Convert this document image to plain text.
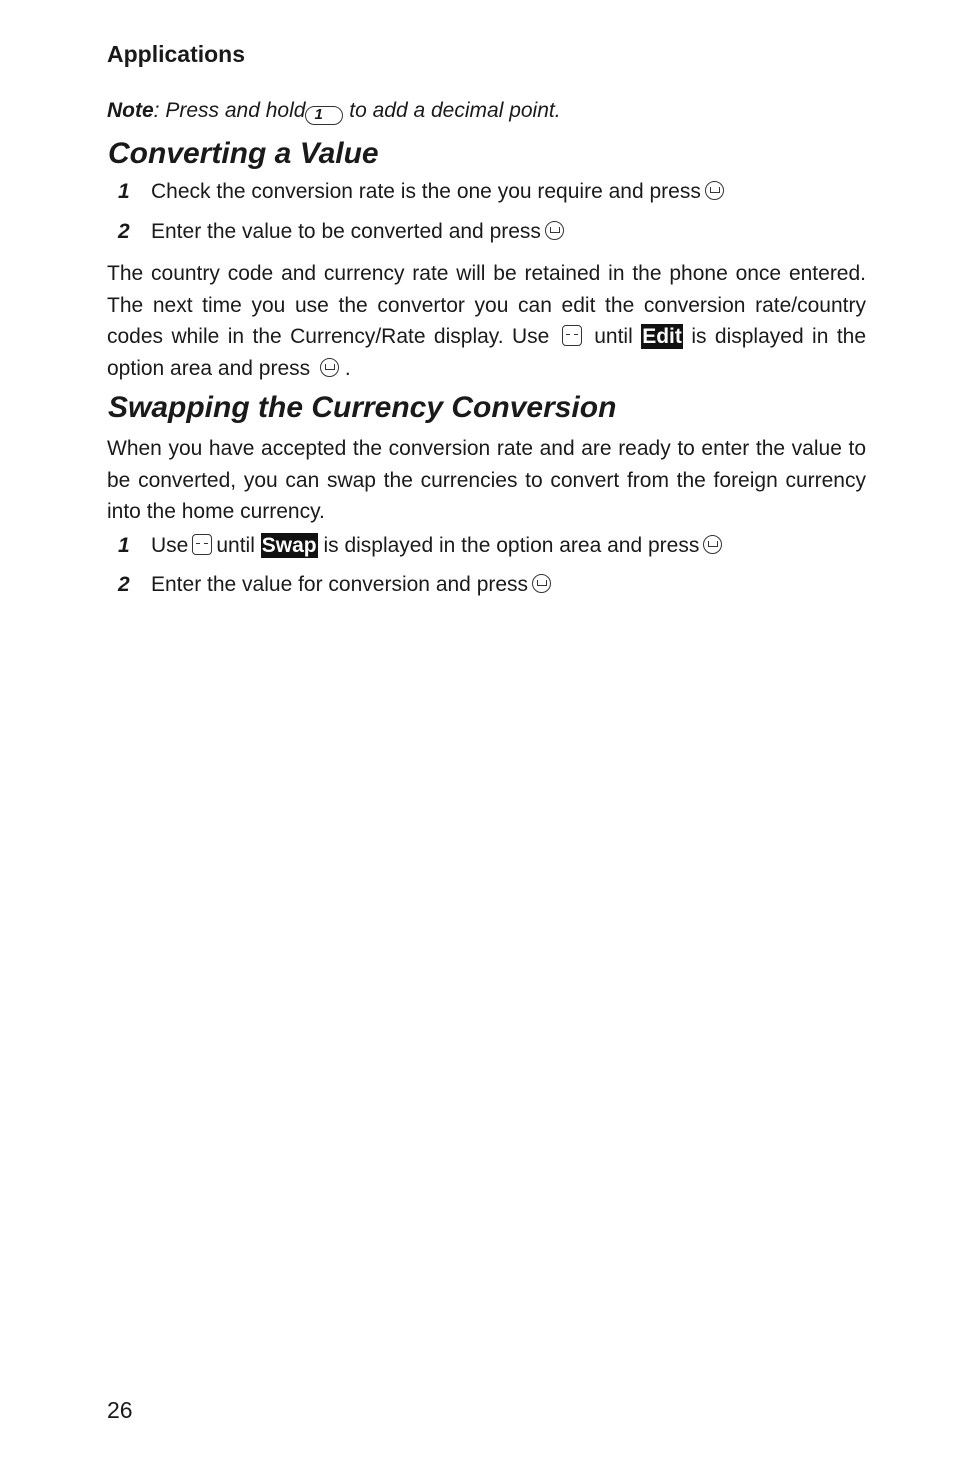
Applications
Note: Press and hold 1 to add a decimal point.
Converting a Value
1 Check the conversion rate is the one you require and press
2 Enter the value to be converted and press
The country code and currency rate will be retained in the phone once entered. The next time you use the convertor you can edit the conversion rate/country codes while in the Currency/Rate display. Use until Edit is displayed in the option area and press .
Swapping the Currency Conversion
When you have accepted the conversion rate and are ready to enter the value to be converted, you can swap the currencies to convert from the foreign currency into the home currency.
1 Use until Swap is displayed in the option area and press
2 Enter the value for conversion and press
26
